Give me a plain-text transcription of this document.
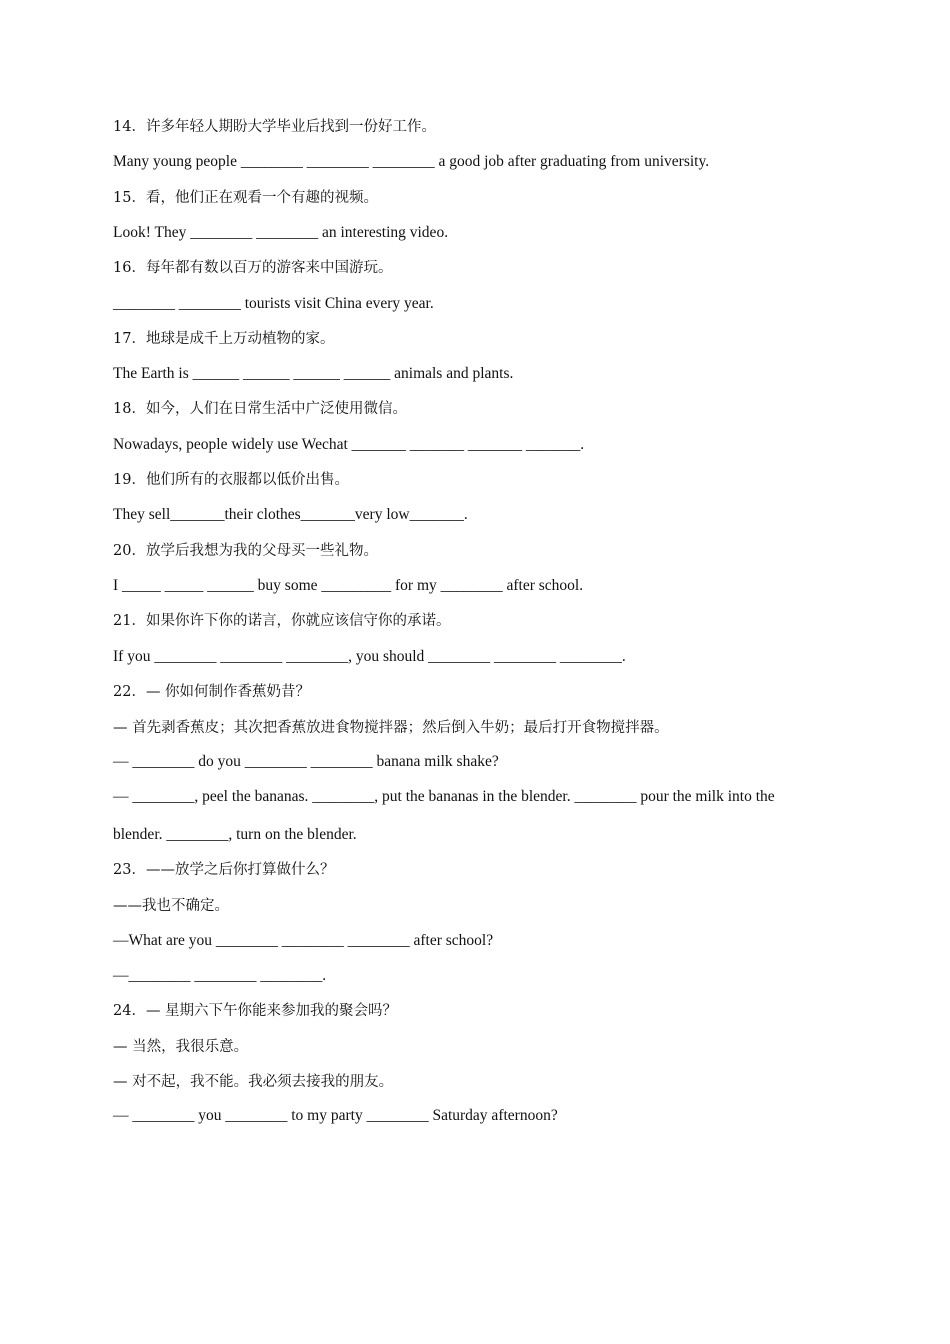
14．许多年轻人期盼大学毕业后找到一份好工作。
Many young people ________ ________ ________ a good job after graduating from university.
15．看，他们正在观看一个有趣的视频。
Look! They ________ ________ an interesting video.
16．每年都有数以百万的游客来中国游玩。
________ ________ tourists visit China every year.
17．地球是成千上万动植物的家。
The Earth is ______ ______ ______ ______ animals and plants.
18．如今，人们在日常生活中广泛使用微信。
Nowadays, people widely use Wechat _______ _______ _______ _______.
19．他们所有的衣服都以低价出售。
They sell_______their clothes_______very low_______.
20．放学后我想为我的父母买一些礼物。
I _____ _____ ______ buy some _________ for my ________ after school.
21．如果你许下你的诺言，你就应该信守你的承诺。
If you ________ ________ ________, you should ________ ________ ________.
22．— 你如何制作香蕉奶昔？
— 首先剥香蕉皮；其次把香蕉放进食物搅拌器；然后倒入牛奶；最后打开食物搅拌器。
— ________ do you ________ ________ banana milk shake?
— ________, peel the bananas. ________, put the bananas in the blender. ________ pour the milk into the
blender. ________, turn on the blender.
23．——放学之后你打算做什么？
——我也不确定。
—What are you ________ ________ ________ after school?
—________ ________ ________.
24．— 星期六下午你能来参加我的聚会吗？
— 当然，我很乐意。
— 对不起，我不能。我必须去接我的朋友。
— ________ you ________ to my party ________ Saturday afternoon?
